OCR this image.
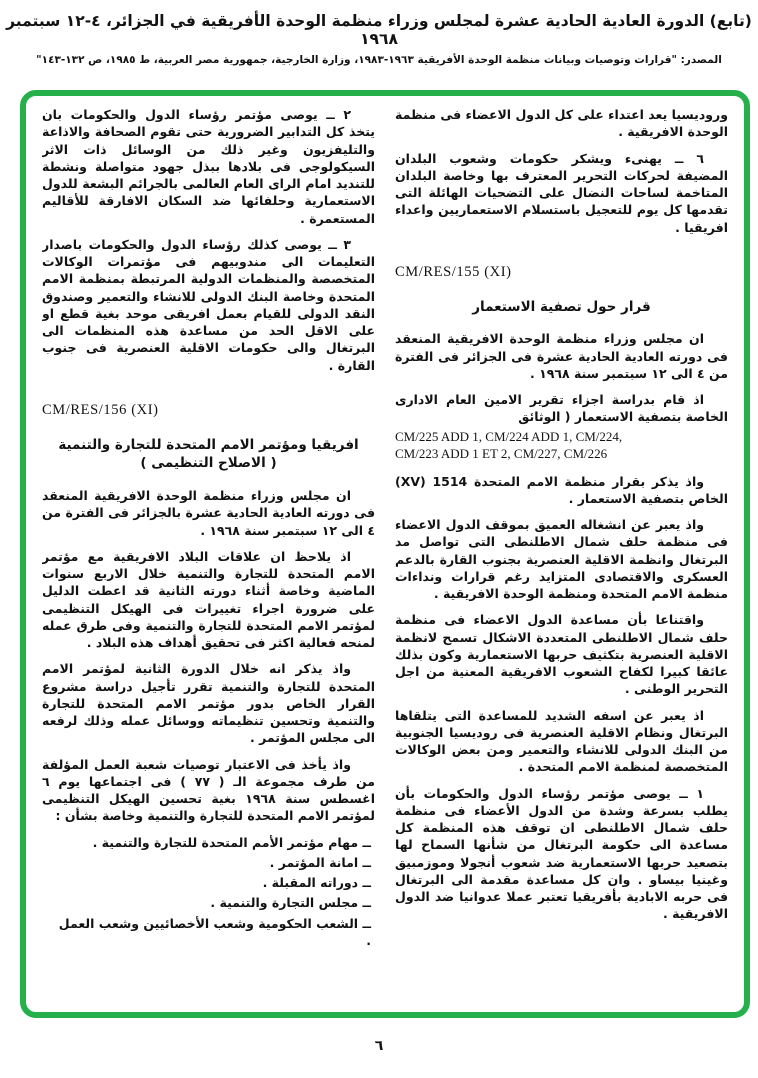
(تابع) الدورة العادية الحادية عشرة لمجلس وزراء منظمة الوحدة الأفريقية في الجزائر، ٤-١٢ سبتمبر ١٩٦٨
المصدر: "قرارات وتوصيات وبيانات منظمة الوحدة الأفريقية ١٩٦٣-١٩٨٣، وزارة الخارجية، جمهورية مصر العربية، ط ١٩٨٥، ص ١٣٢-١٤٣"

وروديسيا يعد اعتداء على كل الدول الاعضاء فى منظمة الوحدة الافريقية .

٦ ــ يهنىء ويشكر حكومات وشعوب البلدان المضيفة لحركات التحرير المعترف بها وخاصة البلدان المتاخمة لساحات النضال على التضحيات الهائلة التى تقدمها كل يوم للتعجيل باستسلام الاستعماريين واعداء افريقيا .

CM/RES/155 (XI)
قرار حول تصفية الاستعمار

ان مجلس وزراء منظمة الوحدة الافريقية المنعقد فى دورته العادية الحادية عشرة فى الجزائر فى الفترة من ٤ الى ١٢ سبتمبر سنة ١٩٦٨ .

اذ قام بدراسة اجزاء تقرير الامين العام الادارى الخاصة بتصفية الاستعمار ( الوثائق

CM/225 ADD 1, CM/224 ADD 1, CM/224,
CM/223 ADD 1 ET 2, CM/227, CM/226

واذ يذكر بقرار منظمة الامم المتحدة 1514 (XV) الخاص بتصفية الاستعمار .

واذ يعبر عن انشغاله العميق بموقف الدول الاعضاء فى منظمة حلف شمال الاطلنطى التى تواصل مد البرتغال وانظمة الاقلية العنصرية بجنوب القارة بالدعم العسكرى والاقتصادى المتزايد رغم قرارات ونداءات منظمة الامم المتحدة ومنظمة الوحدة الافريقية .

واقتناعا بأن مساعدة الدول الاعضاء فى منظمة حلف شمال الاطلنطى المتعددة الاشكال تسمح لانظمة الاقلية العنصرية بتكثيف حربها الاستعمارية وكون بذلك عائقا كبيرا لكفاح الشعوب الافريقية المعنية من اجل التحرير الوطنى .

اذ يعبر عن اسفه الشديد للمساعدة التى يتلقاها البرتغال ونظام الاقلية العنصرية فى روديسيا الجنوبية من البنك الدولى للانشاء والتعمير ومن بعض الوكالات المتخصصة لمنظمة الامم المتحدة .

١ ــ يوصى مؤتمر رؤساء الدول والحكومات بأن يطلب بسرعة وشدة من الدول الأعضاء فى منظمة حلف شمال الاطلنطى ان توقف هذه المنظمة كل مساعدة الى حكومة البرتغال من شأنها السماح لها بتصعيد حربها الاستعمارية ضد شعوب أنجولا وموزمبيق وغينيا بيساو . وان كل مساعدة مقدمة الى البرتغال فى حربه الابادية بأفريقيا تعتبر عملا عدوانيا ضد الدول الافريقية .

٢ ــ يوصى مؤتمر رؤساء الدول والحكومات بان يتخذ كل التدابير الضرورية حتى تقوم الصحافة والاذاعة والتليفزيون وغير ذلك من الوسائل ذات الاثر السيكولوجى فى بلادها ببذل جهود متواصلة ونشطة للتنديد امام الراى العام العالمى بالجرائم البشعة للدول الاستعمارية وحلفائها ضد السكان الافارقة للأقاليم المستعمرة .

٣ ــ يوصى كذلك رؤساء الدول والحكومات باصدار التعليمات الى مندوبيهم فى مؤتمرات الوكالات المتخصصة والمنظمات الدولية المرتبطة بمنظمة الامم المتحدة وخاصة البنك الدولى للانشاء والتعمير وصندوق النقد الدولى للقيام بعمل افريقى موحد بغية قطع او على الاقل الحد من مساعدة هذه المنظمات الى البرتغال والى حكومات الاقلية العنصرية فى جنوب القارة .

CM/RES/156 (XI)
افريقيا ومؤتمر الامم المتحدة للتجارة والتنمية
( الاصلاح التنظيمى )

ان مجلس وزراء منظمة الوحدة الافريقية المنعقد فى دورته العادية الحادية عشرة بالجزائر فى الفترة من ٤ الى ١٢ سبتمبر سنة ١٩٦٨ .

اذ يلاحظ ان علاقات البلاد الافريقية مع مؤتمر الامم المتحدة للتجارة والتنمية خلال الاربع سنوات الماضية وخاصة أثناء دورته الثانية قد اعطت الدليل على ضرورة اجراء تغييرات فى الهيكل التنظيمى لمؤتمر الامم المتحدة للتجارة والتنمية وفى طرق عمله لمنحه فعالية اكثر فى تحقيق أهداف هذه البلاد .

واذ يذكر انه خلال الدورة الثانية لمؤتمر الامم المتحدة للتجارة والتنمية تقرر تأجيل دراسة مشروع القرار الخاص بدور مؤتمر الامم المتحدة للتجارة والتنمية وتحسين تنظيماته ووسائل عمله وذلك لرفعه الى مجلس المؤتمر .

واذ يأخذ فى الاعتبار توصيات شعبة العمل المؤلفة من طرف مجموعة الـ ( ٧٧ ) فى اجتماعها يوم ٦ اغسطس سنة ١٩٦٨ بغية تحسين الهيكل التنظيمى لمؤتمر الامم المتحدة للتجارة والتنمية وخاصة بشأن :

ــ مهام مؤتمر الأمم المتحدة للتجارة والتنمية .
ــ امانة المؤتمر .
ــ دوراته المقبلة .
ــ مجلس التجارة والتنمية .
ــ الشعب الحكومية وشعب الأخصائيين وشعب العمل .
٦
